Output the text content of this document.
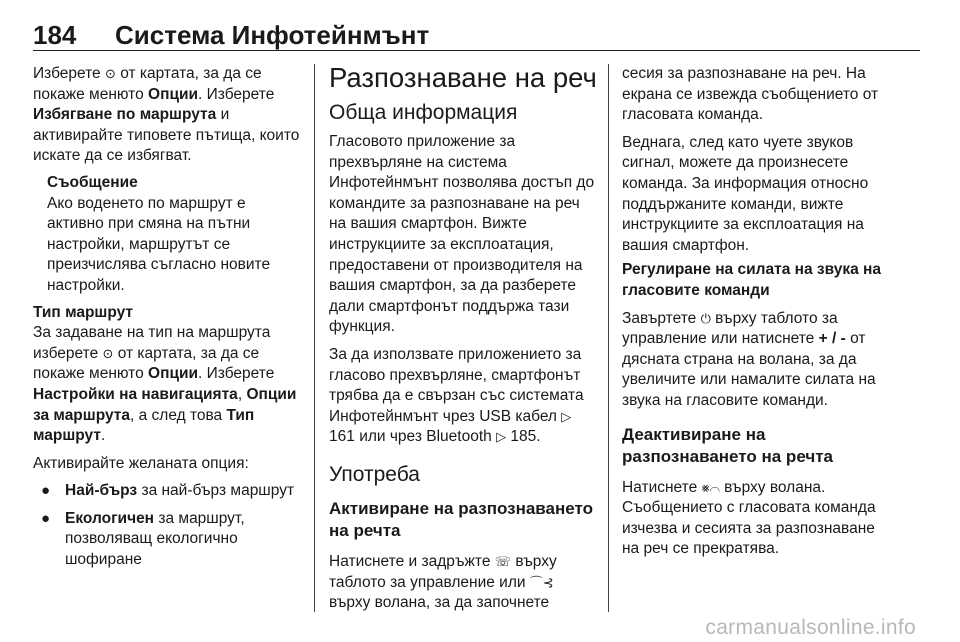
184 Система Инфотейнмънт

Изберете ⊙ от картата, за да се покаже менюто Опции. Изберете Избягване по маршрута и активирайте типовете пътища, които искате да се избягват.

Съобщение

Ако воденето по маршрут е активно при смяна на пътни настройки, маршрутът се преизчислява съгласно новите настройки.

Тип маршрут

За задаване на тип на маршрута изберете ⊙ от картата, за да се покаже менюто Опции. Изберете Настройки на навигацията, Опции за маршрута, а след това Тип маршрут.

Активирайте желаната опция:

● Най-бърз за най-бърз маршрут

● Екологичен за маршрут, позволяващ екологично шофиране

Разпознаване на реч

Обща информация

Гласовото приложение за прехвърляне на система Инфотейнмънт позволява достъп до командите за разпознаване на реч на вашия смартфон. Вижте инструкциите за експлоатация, предоставени от производителя на вашия смартфон, за да разберете дали смартфонът поддържа тази функция.

За да използвате приложението за гласово прехвърляне, смартфонът трябва да е свързан със системата Инфотейнмънт чрез USB кабел ▷ 161 или чрез Bluetooth ▷ 185.

Употреба

Активиране на разпознаването на речта

Натиснете и задръжте ☏ върху таблото за управление или ⌒⊰ върху волана, за да започнете

сесия за разпознаване на реч. На екрана се извежда съобщението от гласовата команда.

Веднага, след като чуете звуков сигнал, можете да произнесете команда. За информация относно поддържаните команди, вижте инструкциите за експлоатация на вашия смартфон.

Регулиране на силата на звука на гласовите команди

Завъртете ⏻ върху таблото за управление или натиснете + / - от дясната страна на волана, за да увеличите или намалите силата на звука на гласовите команди.

Деактивиране на разпознаването на речта

Натиснете ⨳⌒ върху волана.

Съобщението с гласовата команда изчезва и сесията за разпознаване на реч се прекратява.

carmanualsonline.info
